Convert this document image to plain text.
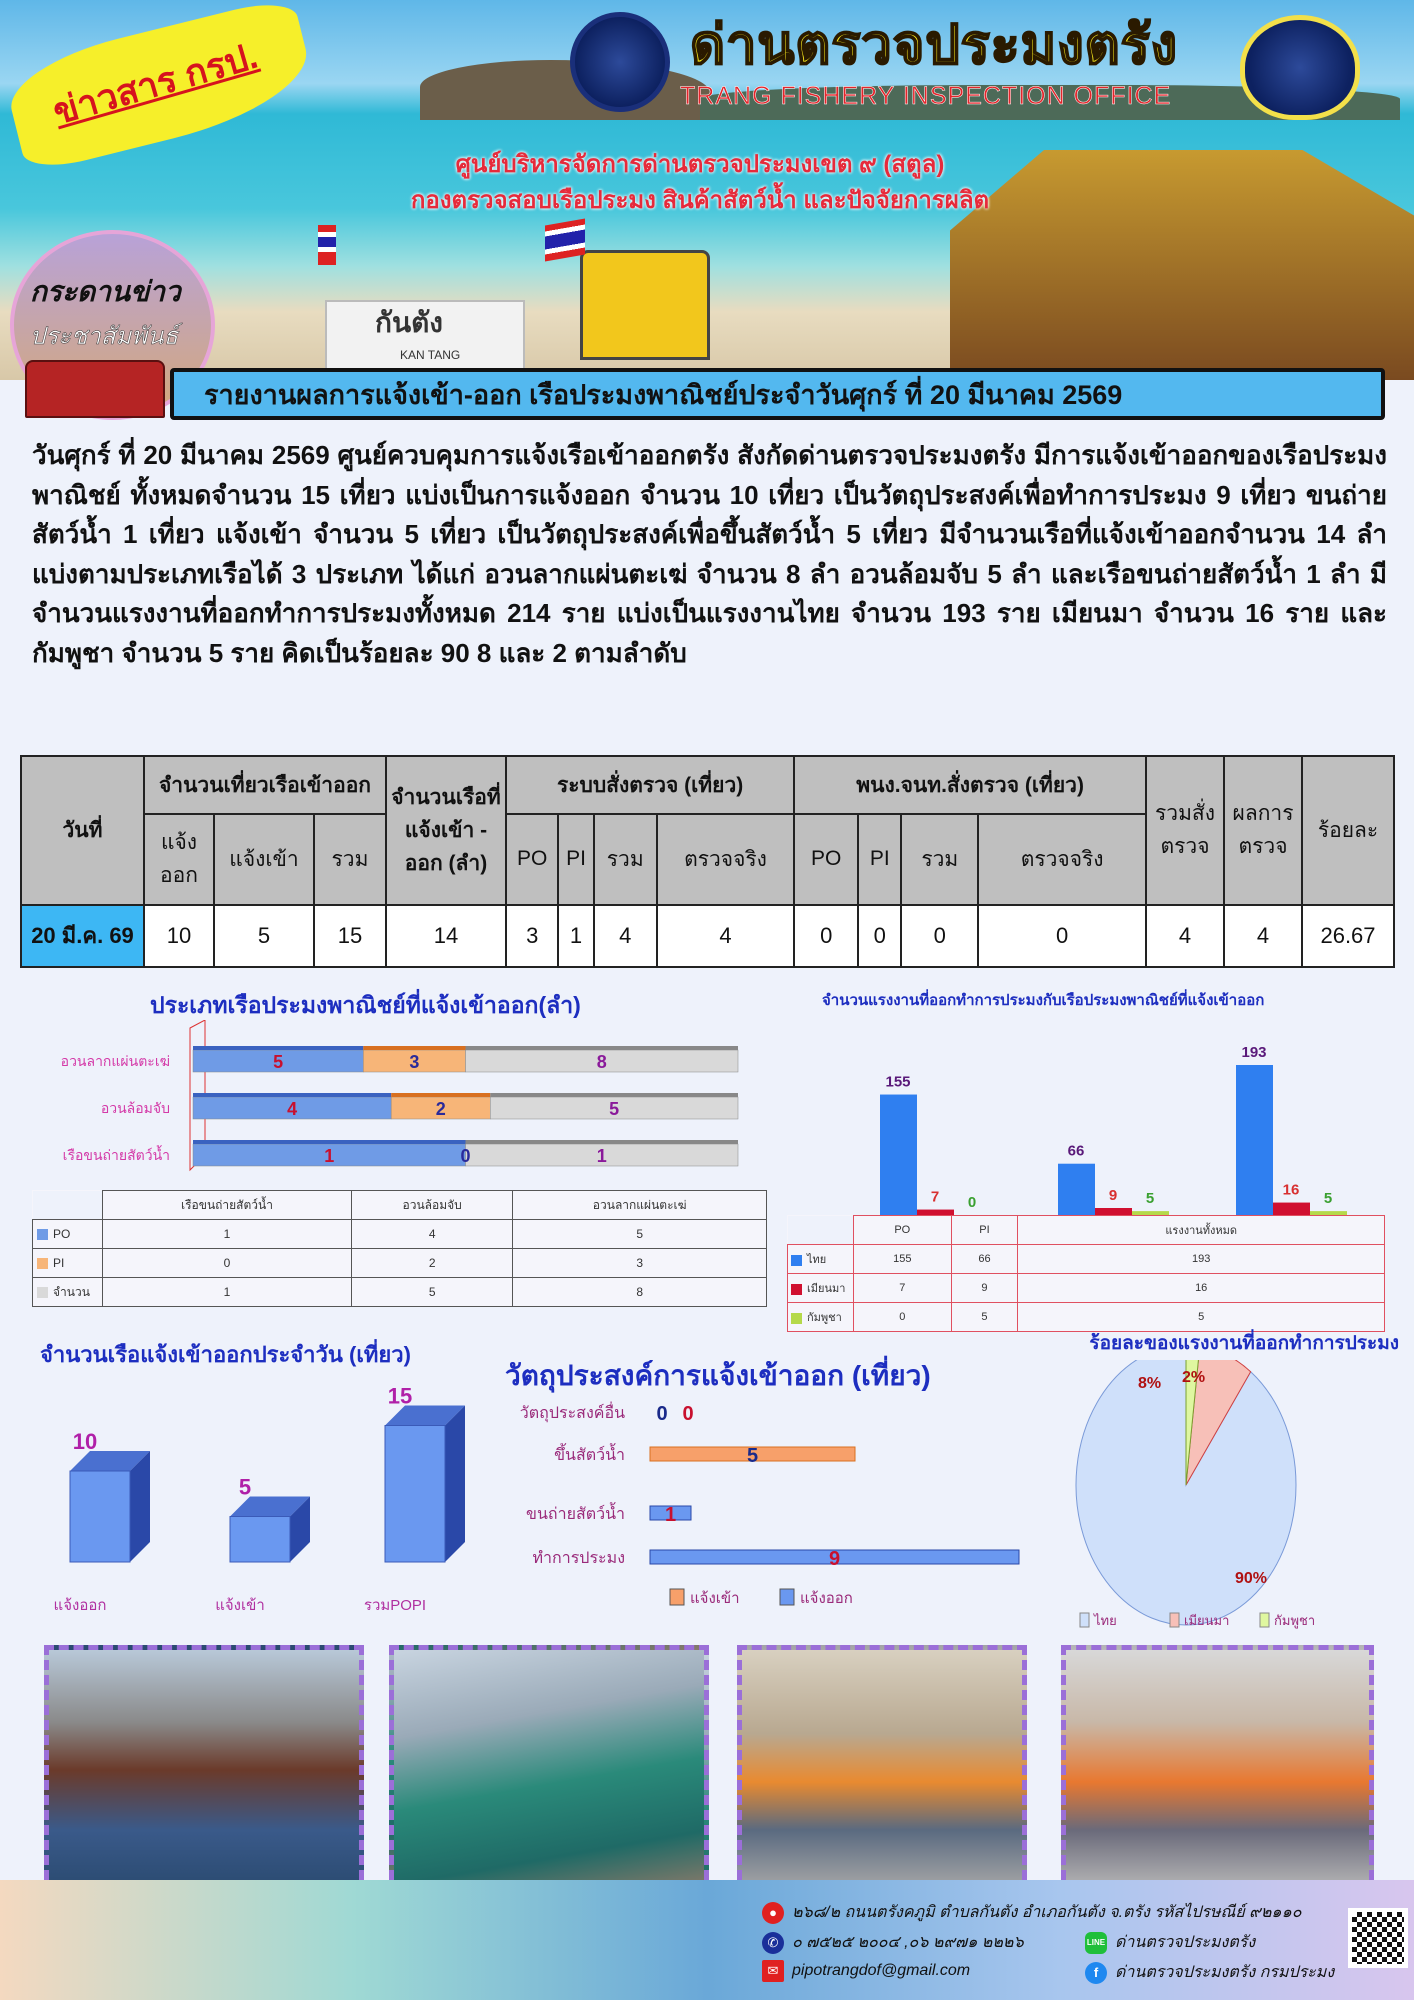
ด่านตรวจประมงตรัง
TRANG FISHERY INSPECTION OFFICE
ศูนย์บริหารจัดการด่านตรวจประมงเขต ๙ (สตูล)
กองตรวจสอบเรือประมง สินค้าสัตว์น้ำ และปัจจัยการผลิต
ข่าวสาร กรป.
กันตัง
KAN TANG
กระดานข่าว
ประชาสัมพันธ์
รายงานผลการแจ้งเข้า-ออก เรือประมงพาณิชย์ประจำวันศุกร์ ที่ 20 มีนาคม 2569
วันศุกร์ ที่ 20 มีนาคม 2569 ศูนย์ควบคุมการแจ้งเรือเข้าออกตรัง สังกัดด่านตรวจประมงตรัง มีการแจ้งเข้าออกของเรือประมงพาณิชย์ ทั้งหมดจำนวน 15 เที่ยว แบ่งเป็นการแจ้งออก จำนวน 10 เที่ยว เป็นวัตถุประสงค์เพื่อทำการประมง 9 เที่ยว ขนถ่ายสัตว์น้ำ 1 เที่ยว แจ้งเข้า จำนวน 5 เที่ยว เป็นวัตถุประสงค์เพื่อขึ้นสัตว์น้ำ 5 เที่ยว มีจำนวนเรือที่แจ้งเข้าออกจำนวน 14 ลำ แบ่งตามประเภทเรือได้ 3 ประเภท ได้แก่ อวนลากแผ่นตะเฆ่ จำนวน 8 ลำ อวนล้อมจับ 5 ลำ และเรือขนถ่ายสัตว์น้ำ 1 ลำ มีจำนวนแรงงานที่ออกทำการประมงทั้งหมด 214 ราย แบ่งเป็นแรงงานไทย จำนวน 193 ราย เมียนมา จำนวน 16 ราย และกัมพูชา จำนวน 5 ราย คิดเป็นร้อยละ 90 8 และ 2 ตามลำดับ
วันที่	จำนวนเที่ยวเรือเข้าออก			จำนวนเรือที่แจ้งเข้า - ออก (ลำ)	ระบบสั่งตรวจ (เที่ยว)				พนง.จนท.สั่งตรวจ (เที่ยว)				รวมสั่งตรวจ	ผลการตรวจ	ร้อยละ
	แจ้งออก	แจ้งเข้า	รวม		PO	PI	รวม	ตรวจจริง	PO	PI	รวม	ตรวจจริง			
20 มี.ค. 69	10	5	15	14	3	1	4	4	0	0	0	0	4	4	26.67
ประเภทเรือประมงพาณิชย์ที่แจ้งเข้าออก(ลำ)
อวนลากแผ่นตะเฆ่
อวนล้อมจับ
เรือขนถ่ายสัตว์น้ำ
5	3	8
4	2	5
1	0	1
	เรือขนถ่ายสัตว์น้ำ	อวนล้อมจับ	อวนลากแผ่นตะเฆ่
PO	1	4	5
PI	0	2	3
จำนวน	1	5	8
จำนวนแรงงานที่ออกทำการประมงกับเรือประมงพาณิชย์ที่แจ้งเข้าออก
155
7 0
66
9 5
193
16
5
	PO	PI	แรงงานทั้งหมด
ไทย	155	66	193
เมียนมา	7	9	16
กัมพูชา	0	5	5
จำนวนเรือแจ้งเข้าออกประจำวัน (เที่ยว)
10
แจ้งออก
5
แจ้งเข้า
15
รวมPOPI
วัตถุประสงค์การแจ้งเข้าออก (เที่ยว)
วัตถุประสงค์อื่น
ขึ้นสัตว์น้ำ
ขนถ่ายสัตว์น้ำ
ทำการประมง
0 0
5
1
9
แจ้งเข้า	แจ้งออก
ร้อยละของแรงงานที่ออกทำการประมง
90%
8% 2%
ไทย	เมียนมา	กัมพูชา
● ๒๖๘/๒ ถนนตรังคภูมิ ตำบลกันตัง อำเภอกันตัง จ.ตรัง รหัสไปรษณีย์ ๙๒๑๑๐
✆ ๐ ๗๕๒๕ ๒๐๐๔ ,๐๖ ๒๙๗๑ ๒๒๒๖
✉ pipotrangdof@gmail.com
LINE ด่านตรวจประมงตรัง
f	ด่านตรวจประมงตรัง กรมประมง
